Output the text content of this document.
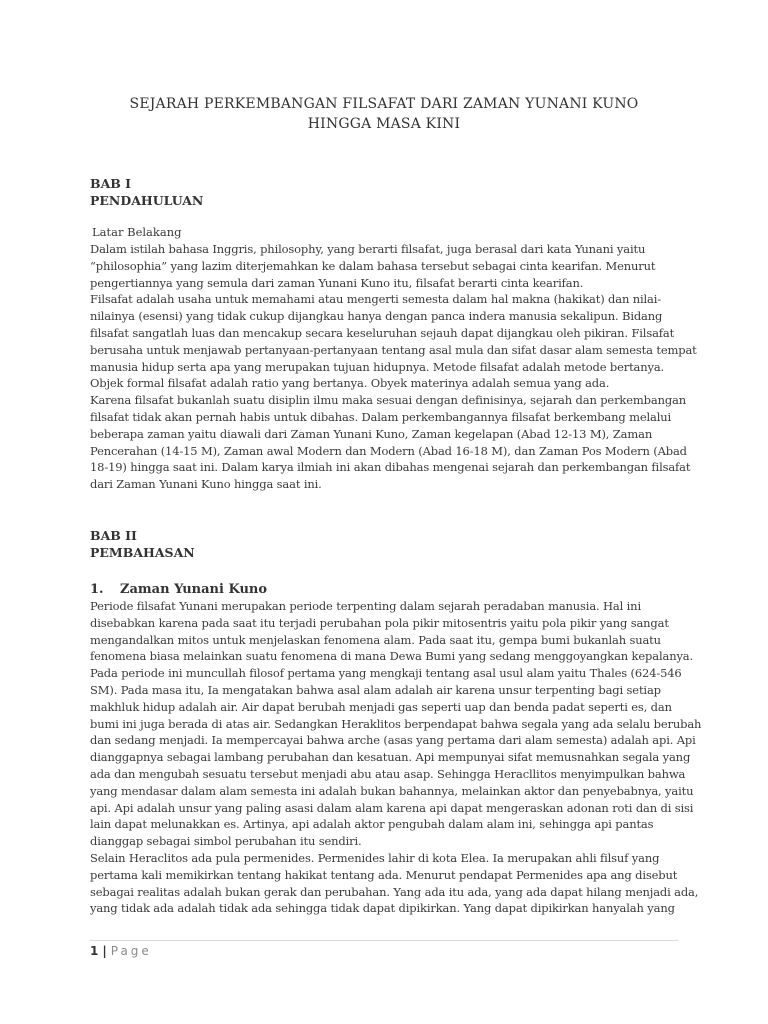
SEJARAH PERKEMBANGAN FILSAFAT DARI ZAMAN YUNANI KUNO
HINGGA MASA KINI
BAB I
PENDAHULUAN
Latar Belakang
Dalam istilah bahasa Inggris, philosophy, yang berarti filsafat, juga berasal dari kata Yunani yaitu
“philosophia” yang lazim diterjemahkan ke dalam bahasa tersebut sebagai cinta kearifan. Menurut
pengertiannya yang semula dari zaman Yunani Kuno itu, filsafat berarti cinta kearifan.
Filsafat adalah usaha untuk memahami atau mengerti semesta dalam hal makna (hakikat) dan nilai-
nilainya (esensi) yang tidak cukup dijangkau hanya dengan panca indera manusia sekalipun. Bidang
filsafat sangatlah luas dan mencakup secara keseluruhan sejauh dapat dijangkau oleh pikiran. Filsafat
berusaha untuk menjawab pertanyaan-pertanyaan tentang asal mula dan sifat dasar alam semesta tempat
manusia hidup serta apa yang merupakan tujuan hidupnya. Metode filsafat adalah metode bertanya.
Objek formal filsafat adalah ratio yang bertanya. Obyek materinya adalah semua yang ada.
Karena filsafat bukanlah suatu disiplin ilmu maka sesuai dengan definisinya, sejarah dan perkembangan
filsafat tidak akan pernah habis untuk dibahas. Dalam perkembangannya filsafat berkembang melalui
beberapa zaman yaitu diawali dari Zaman Yunani Kuno, Zaman kegelapan (Abad 12-13 M), Zaman
Pencerahan (14-15 M), Zaman awal Modern dan Modern (Abad 16-18 M), dan Zaman Pos Modern (Abad
18-19) hingga saat ini. Dalam karya ilmiah ini akan dibahas mengenai sejarah dan perkembangan filsafat
dari Zaman Yunani Kuno hingga saat ini.
BAB II
PEMBAHASAN
1. Zaman Yunani Kuno
Periode filsafat Yunani merupakan periode terpenting dalam sejarah peradaban manusia. Hal ini
disebabkan karena pada saat itu terjadi perubahan pola pikir mitosentris yaitu pola pikir yang sangat
mengandalkan mitos untuk menjelaskan fenomena alam. Pada saat itu, gempa bumi bukanlah suatu
fenomena biasa melainkan suatu fenomena di mana Dewa Bumi yang sedang menggoyangkan kepalanya.
Pada periode ini muncullah filosof pertama yang mengkaji tentang asal usul alam yaitu Thales (624-546
SM). Pada masa itu, Ia mengatakan bahwa asal alam adalah air karena unsur terpenting bagi setiap
makhluk hidup adalah air. Air dapat berubah menjadi gas seperti uap dan benda padat seperti es, dan
bumi ini juga berada di atas air. Sedangkan Heraklitos berpendapat bahwa segala yang ada selalu berubah
dan sedang menjadi. Ia mempercayai bahwa arche (asas yang pertama dari alam semesta) adalah api. Api
dianggapnya sebagai lambang perubahan dan kesatuan. Api mempunyai sifat memusnahkan segala yang
ada dan mengubah sesuatu tersebut menjadi abu atau asap. Sehingga Heracllitos menyimpulkan bahwa
yang mendasar dalam alam semesta ini adalah bukan bahannya, melainkan aktor dan penyebabnya, yaitu
api. Api adalah unsur yang paling asasi dalam alam karena api dapat mengeraskan adonan roti dan di sisi
lain dapat melunakkan es. Artinya, api adalah aktor pengubah dalam alam ini, sehingga api pantas
dianggap sebagai simbol perubahan itu sendiri.
Selain Heraclitos ada pula permenides. Permenides lahir di kota Elea. Ia merupakan ahli filsuf yang
pertama kali memikirkan tentang hakikat tentang ada. Menurut pendapat Permenides apa ang disebut
sebagai realitas adalah bukan gerak dan perubahan. Yang ada itu ada, yang ada dapat hilang menjadi ada,
yang tidak ada adalah tidak ada sehingga tidak dapat dipikirkan. Yang dapat dipikirkan hanyalah yang
1 | Page
